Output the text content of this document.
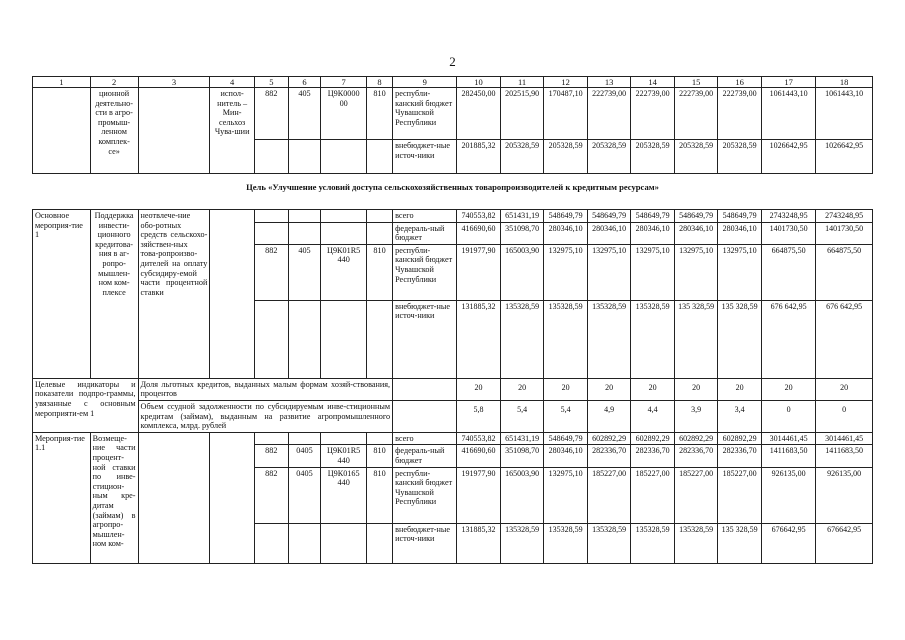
2
1	2	3	4	5	6	7	8	9	10	11	12	13	14	15	16	17	18
	ционной деятельно-сти в агро-промыш-ленном комплек-се»		испол-нитель – Мин-сельхоз Чува-шии	882	405	Ц9К0000 00	810	республи-канский бюджет Чувашской Республики	282450,00	202515,90	170487,10	222739,00	222739,00	222739,00	222739,00	1061443,10	1061443,10
								внебюджет-ные источ-ники	201885,32	205328,59	205328,59	205328,59	205328,59	205328,59	205328,59	1026642,95	1026642,95
Цель «Улучшение условий доступа сельскохозяйственных товаропроизводителей к кредитным ресурсам»																	
Основное мероприя-тие 1	Поддержка инвести-ционного кредитова-ния в аг-ропро-мышлен-ном ком-плексе	неотвлече-ние обо-ротных средств сельскохо-зяйствен-ных това-ропроизво-дителей на оплату субсидиру-емой части процентной ставки						всего	740553,82	651431,19	548649,79	548649,79	548649,79	548649,79	548649,79	2743248,95	2743248,95
								федераль-ный бюджет	416690,60	351098,70	280346,10	280346,10	280346,10	280346,10	280346,10	1401730,50	1401730,50
				882	405	Ц9К01R5 440	810	республи-канский бюджет Чувашской Республики	191977,90	165003,90	132975,10	132975,10	132975,10	132975,10	132975,10	664875,50	664875,50
								внебюджет-ные источ-ники	131885,32	135328,59	135328,59	135328,59	135328,59	135 328,59	135 328,59	676 642,95	676 642,95
Целевые индикаторы и показатели подпро-граммы, увязанные с основным мероприяти-ем 1		Доля льготных кредитов, выданных малым формам хозяй-ствования, процентов							20	20	20	20	20	20	20	20	20
		Объем ссудной задолженности по субсидируемым инве-стиционным кредитам (займам), выданным на развитие агропромышленного комплекса, млрд. рублей							5,8	5,4	5,4	4,9	4,4	3,9	3,4	0	0
Мероприя-тие 1.1	Возмеще-ние части процент-ной ставки по инве-стицион-ным кре-дитам (займам) в агропро-мышлен-ном ком-							всего	740553,82	651431,19	548649,79	602892,29	602892,29	602892,29	602892,29	3014461,45	3014461,45
				882	0405	Ц9К01R5 440	810	федераль-ный бюджет	416690,60	351098,70	280346,10	282336,70	282336,70	282336,70	282336,70	1411683,50	1411683,50
				882	0405	Ц9К0165 440	810	республи-канский бюджет Чувашской Республики	191977,90	165003,90	132975,10	185227,00	185227,00	185227,00	185227,00	926135,00	926135,00
								внебюджет-ные источ-ники	131885,32	135328,59	135328,59	135328,59	135328,59	135328,59	135 328,59	676642,95	676642,95
